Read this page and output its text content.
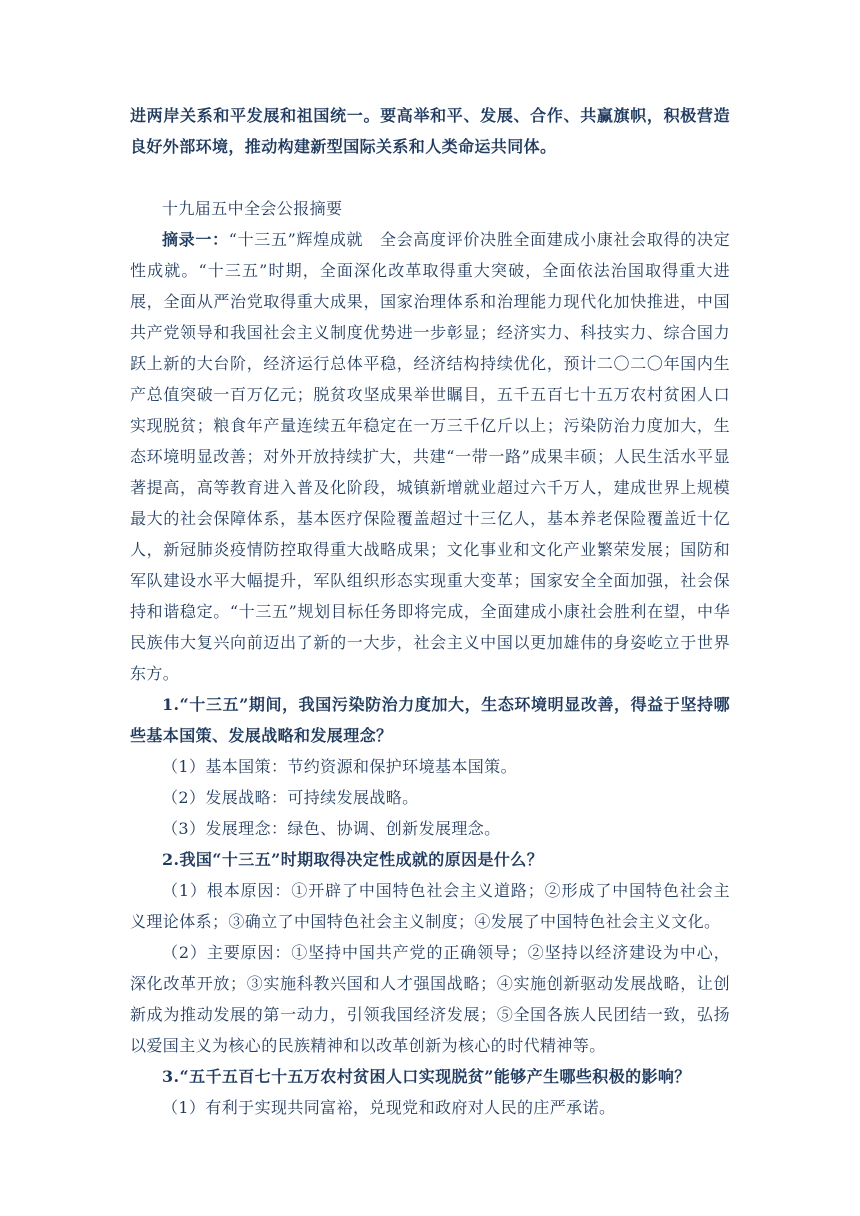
进两岸关系和平发展和祖国统一。要高举和平、发展、合作、共赢旗帜，积极营造良好外部环境，推动构建新型国际关系和人类命运共同体。

十九届五中全会公报摘要

摘录一：“十三五”辉煌成就　全会高度评价决胜全面建成小康社会取得的决定性成就。“十三五”时期，全面深化改革取得重大突破，全面依法治国取得重大进展，全面从严治党取得重大成果，国家治理体系和治理能力现代化加快推进，中国共产党领导和我国社会主义制度优势进一步彰显；经济实力、科技实力、综合国力跃上新的大台阶，经济运行总体平稳，经济结构持续优化，预计二〇二〇年国内生产总值突破一百万亿元；脱贫攻坚成果举世瞩目，五千五百七十五万农村贫困人口实现脱贫；粮食年产量连续五年稳定在一万三千亿斤以上；污染防治力度加大，生态环境明显改善；对外开放持续扩大，共建“一带一路”成果丰硕；人民生活水平显著提高，高等教育进入普及化阶段，城镇新增就业超过六千万人，建成世界上规模最大的社会保障体系，基本医疗保险覆盖超过十三亿人，基本养老保险覆盖近十亿人，新冠肺炎疫情防控取得重大战略成果；文化事业和文化产业繁荣发展；国防和军队建设水平大幅提升，军队组织形态实现重大变革；国家安全全面加强，社会保持和谐稳定。“十三五”规划目标任务即将完成，全面建成小康社会胜利在望，中华民族伟大复兴向前迈出了新的一大步，社会主义中国以更加雄伟的身姿屹立于世界东方。

1.“十三五”期间，我国污染防治力度加大，生态环境明显改善，得益于坚持哪些基本国策、发展战略和发展理念？

（1）基本国策：节约资源和保护环境基本国策。

（2）发展战略：可持续发展战略。

（3）发展理念：绿色、协调、创新发展理念。

2.我国“十三五”时期取得决定性成就的原因是什么？

（1）根本原因：①开辟了中国特色社会主义道路；②形成了中国特色社会主义理论体系；③确立了中国特色社会主义制度；④发展了中国特色社会主义文化。

（2）主要原因：①坚持中国共产党的正确领导；②坚持以经济建设为中心，深化改革开放；③实施科教兴国和人才强国战略；④实施创新驱动发展战略，让创新成为推动发展的第一动力，引领我国经济发展；⑤全国各族人民团结一致，弘扬以爱国主义为核心的民族精神和以改革创新为核心的时代精神等。

3.“五千五百七十五万农村贫困人口实现脱贫”能够产生哪些积极的影响？

（1）有利于实现共同富裕，兑现党和政府对人民的庄严承诺。
